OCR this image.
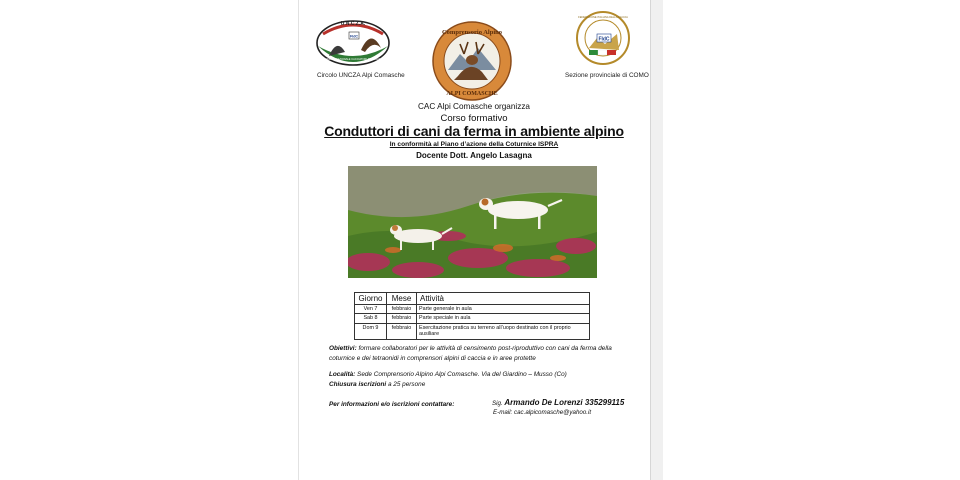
U.N.C.Z.A.
FIdC
UNIONE NAZIONALE CACCIATORI ZONA ALPI
Comprensorio Alpino
ALPI COMASCHE
FIdC
FEDERAZIONE ITALIANA DELLA CACCIA
Circolo UNCZA Alpi Comasche	Sezione provinciale di COMO
CAC Alpi Comasche organizza
Corso formativo
Conduttori di cani da ferma in ambiente alpino
In conformità al Piano d’azione della Coturnice ISPRA
Docente Dott. Angelo Lasagna
Giorno	Mese	Attività
Ven 7	febbraio	Parte generale in aula
Sab 8	febbraio	Parte speciale in aula
Dom 9	febbraio	Esercitazione pratica su terreno all’uopo destinato con il proprio ausiliare
Obiettivi: formare collaboratori per le attività di censimento post-riproduttivo con cani da ferma della coturnice e dei tetraonidi in comprensori alpini di caccia e in aree protette
Località: Sede Comprensorio Alpino Alpi Comasche. Via del Giardino – Musso (Co)
Chiusura iscrizioni a 25 persone
Per informazioni e/o iscrizioni contattare:	Sig. Armando De Lorenzi 335299115
E-mail: cac.alpicomasche@yahoo.it
